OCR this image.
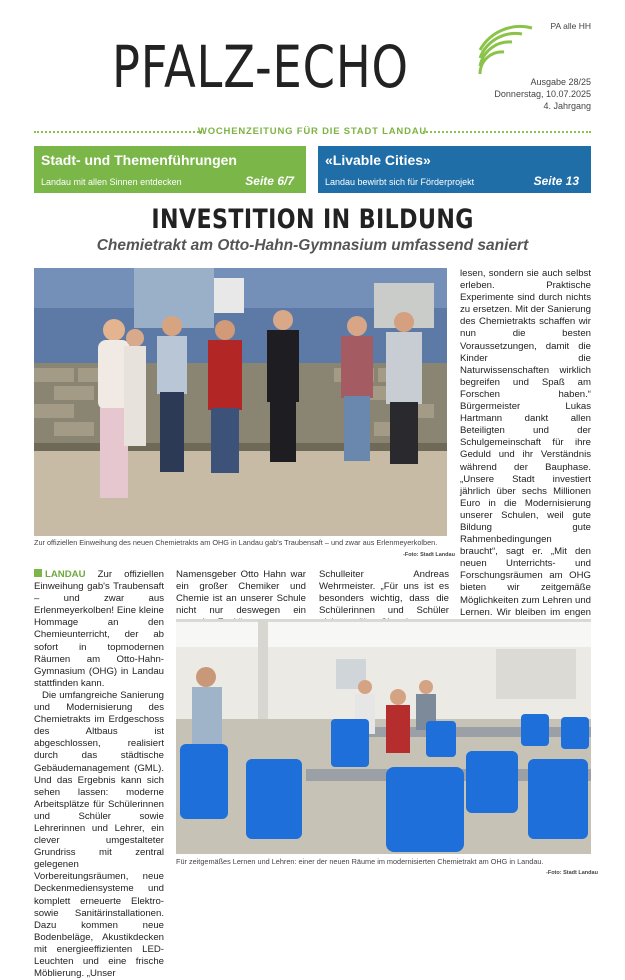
PA alle HH
PFALZ-ECHO	Ausgabe 28/25
Donnerstag, 10.07.2025
4. Jahrgang
WOCHENZEITUNG FÜR DIE STADT LANDAU
Stadt- und Themenführungen
Landau mit allen Sinnen entdecken	Seite 6/7
«Livable Cities»
Landau bewirbt sich für Förderprojekt	Seite 13
INVESTITION IN BILDUNG
Chemietrakt am Otto-Hahn-Gymnasium umfassend saniert
Zur offiziellen Einweihung des neuen Chemietrakts am OHG in Landau gab's Traubensaft – und zwar aus Erlenmeyerkolben.
-Foto: Stadt Landau

LANDAU Zur offiziellen Einweihung gab's Traubensaft – und zwar aus Erlenmeyerkolben! Eine kleine Hommage an den Chemieunterricht, der ab sofort in topmodernen Räumen am Otto-Hahn-Gymnasium (OHG) in Landau stattfinden kann.

Die umfangreiche Sanierung und Modernisierung des Chemietrakts im Erdgeschoss des Altbaus ist abgeschlossen, realisiert durch das städtische Gebäudemanagement (GML). Und das Ergebnis kann sich sehen lassen: moderne Arbeitsplätze für Schülerinnen und Schüler sowie Lehrerinnen und Lehrer, ein clever umgestalteter Grundriss mit zentral gelegenen Vorbereitungsräumen, neue Deckenmediensysteme und komplett erneuerte Elektro- sowie Sanitärinstallationen. Dazu kommen neue Bodenbeläge, Akustikdecken mit energieeffizienten LED-Leuchten und eine frische Möblierung. „Unser

Namensgeber Otto Hahn war ein großer Chemiker und Chemie ist an unserer Schule nicht nur deswegen ein
Schulleiter Andreas Wehrmeister. „Für uns ist es besonders wichtig, dass die Schülerinnen und Schüler
lesen, sondern sie auch selbst erleben. Praktische Experimente sind durch nichts zu ersetzen. Mit der Sanierung des Chemietrakts schaffen wir nun die besten Voraussetzungen, damit die Kinder die Naturwissenschaften wirklich begreifen und Spaß am Forschen haben.“ Bürgermeister Lukas Hartmann dankt allen Beteiligten und der Schulgemeinschaft für ihre Geduld und ihr Verständnis während der Bauphase. „Unsere Stadt investiert jährlich über sechs Millionen Euro in die Modernisierung unserer Schulen, weil gute Bildung gute Rahmenbedingungen braucht“, sagt er. „Mit den neuen Unterrichts- und Forschungsräumen am OHG bieten wir zeitgemäße Möglichkeiten zum Lehren und Lernen. Wir bleiben im engen
Für zeitgemäßes Lernen und Lehren: einer der neuen Räume im modernisierten Chemietrakt am OHG in Landau.
-Foto: Stadt Landau
